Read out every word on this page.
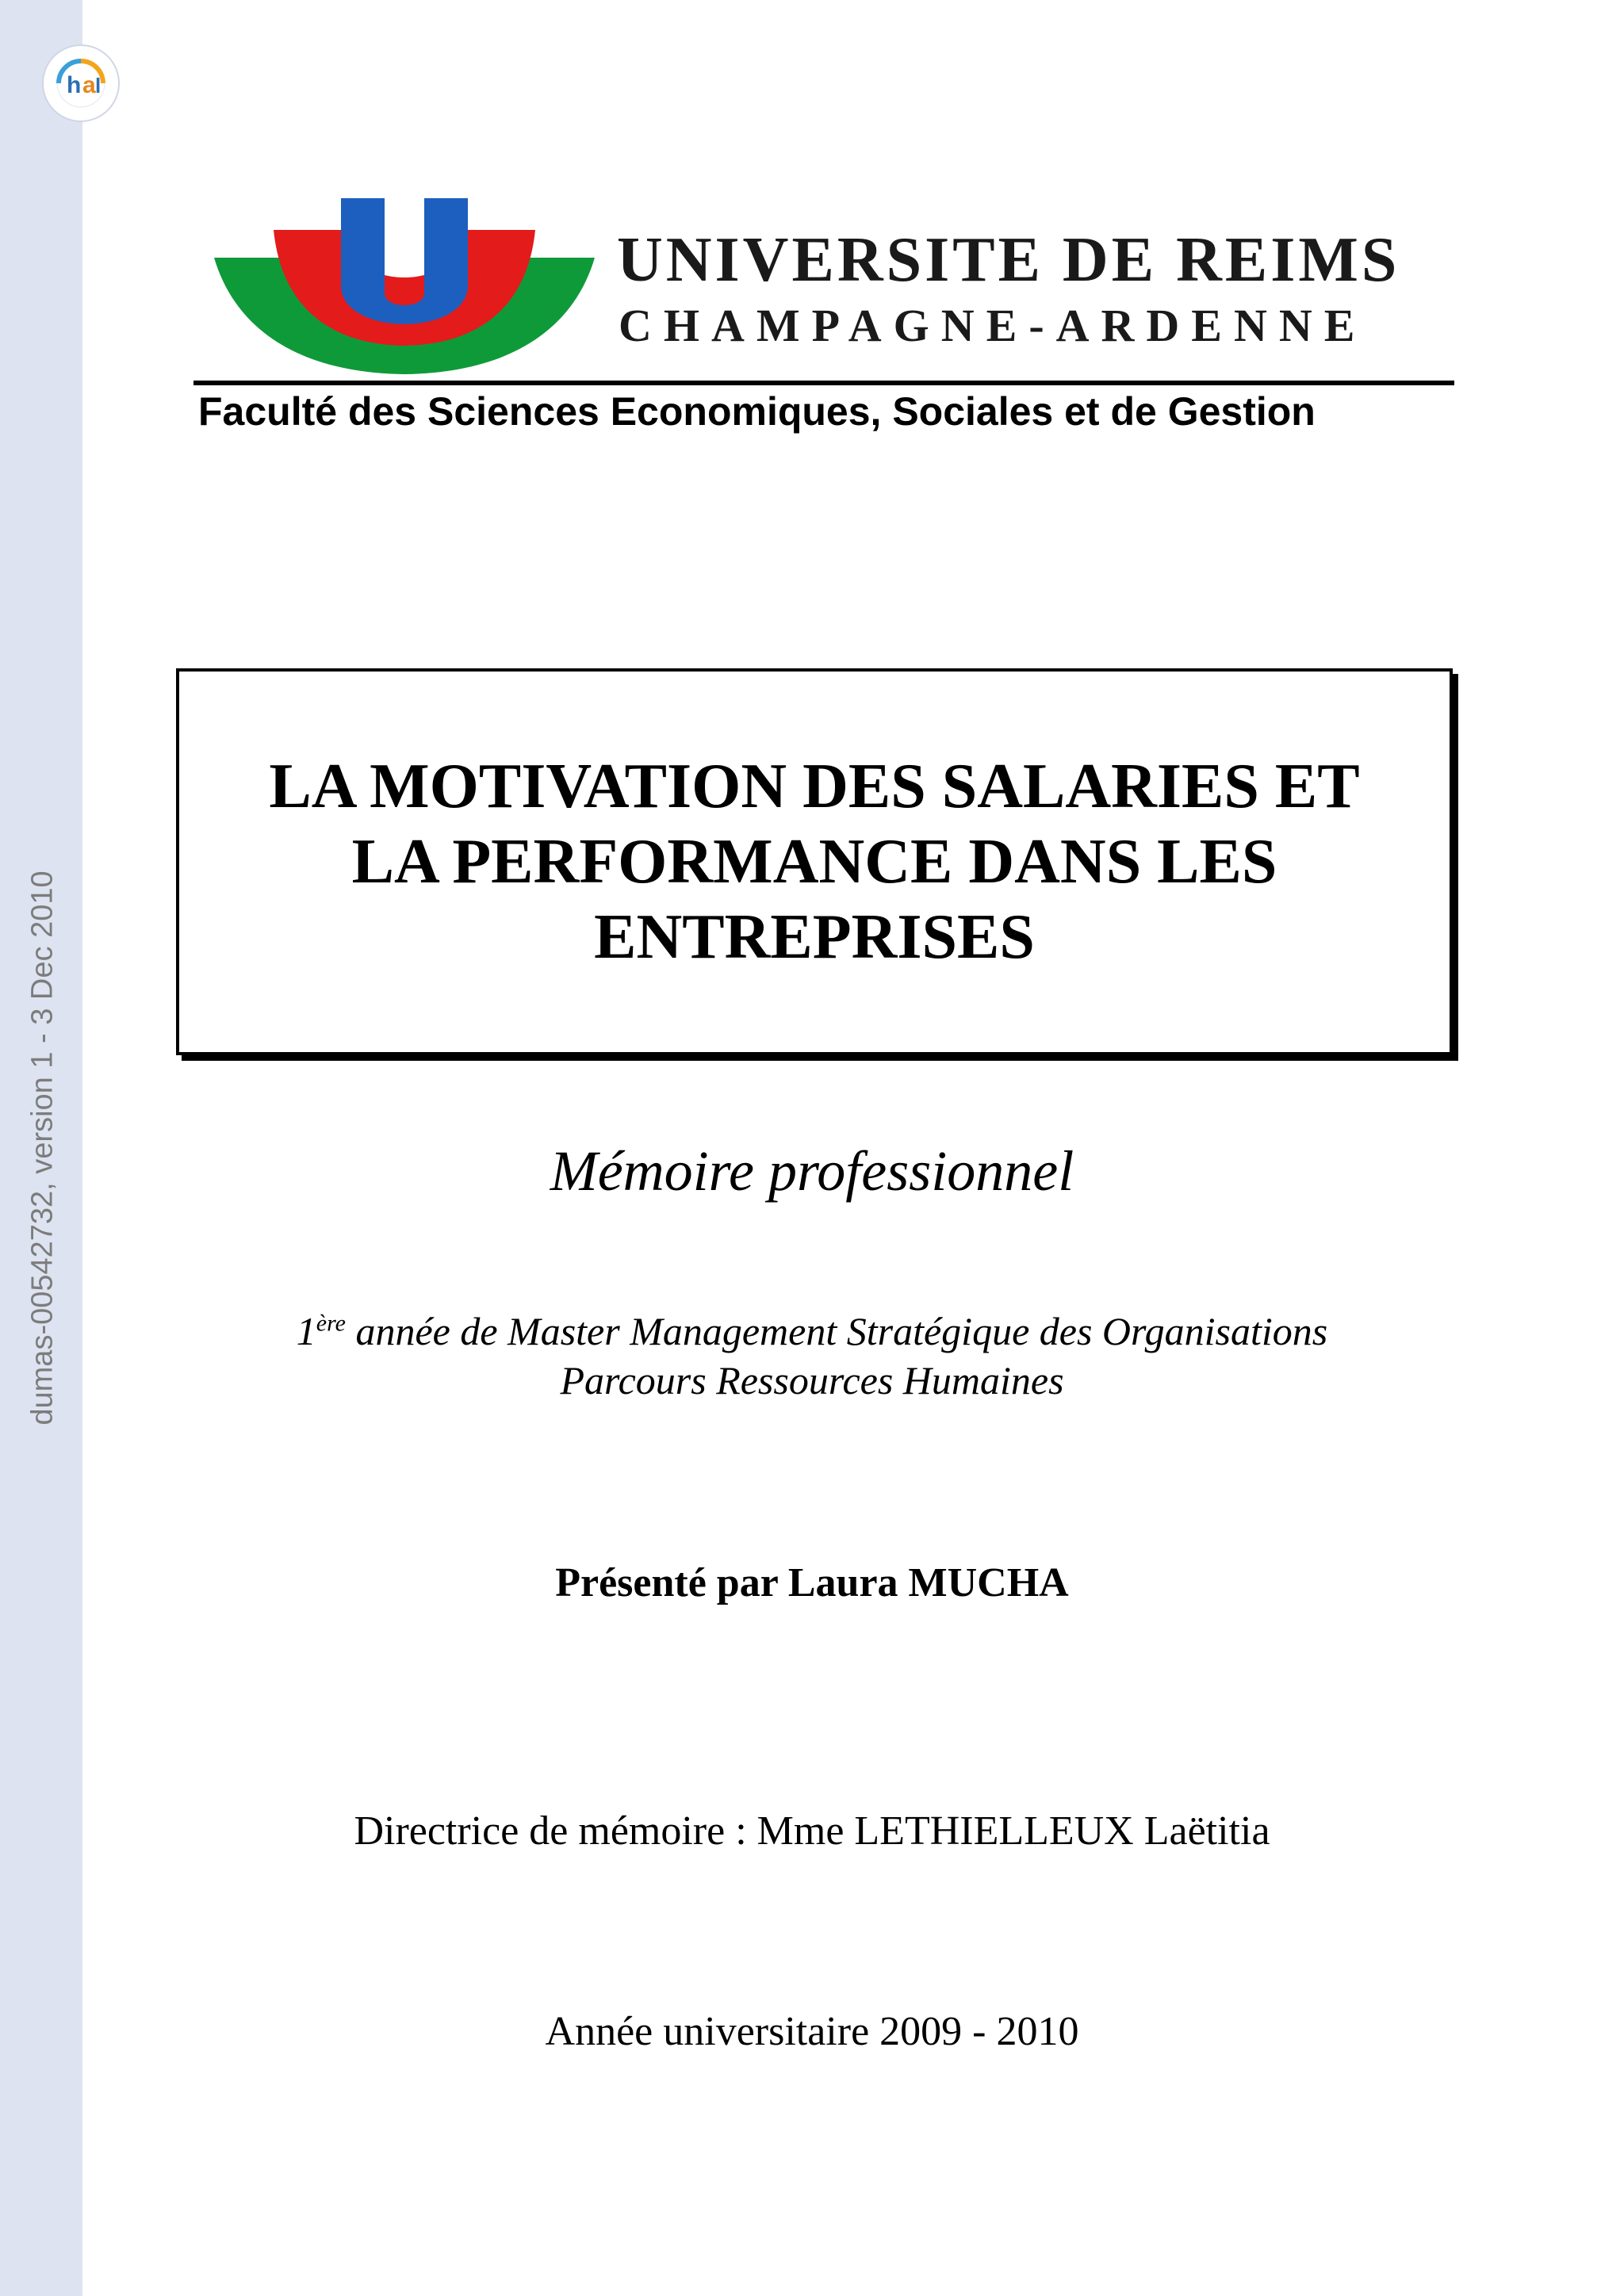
h a l
dumas-00542732, version 1 - 3 Dec 2010
UNIVERSITE DE REIMS
CHAMPAGNE-ARDENNE
Faculté des Sciences Economiques, Sociales et de Gestion
LA MOTIVATION DES SALARIES ET
LA PERFORMANCE DANS LES
ENTREPRISES
Mémoire professionnel
1ère année de Master Management Stratégique des Organisations
Parcours Ressources Humaines
Présenté par Laura MUCHA
Directrice de mémoire : Mme LETHIELLEUX Laëtitia
Année universitaire 2009 - 2010
